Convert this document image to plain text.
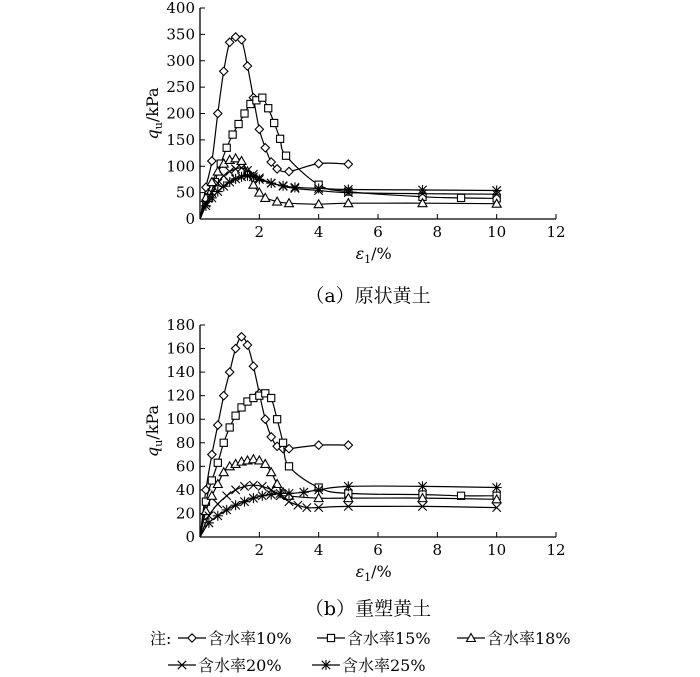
0
50
100
150
200
250
300
350
400
2	4	6	8	10	12
$q_u$/kPa
$\varepsilon_1/\%$
（a）原状黄土
0
20
40
60
80
100
120
140
160
180
2	4	6	8	10	12
$q_u$/kPa
$\varepsilon_1/\%$
（b）重塑黄土
注: 含水率10%	含水率15%	含水率18%
含水率20%	含水率25%
